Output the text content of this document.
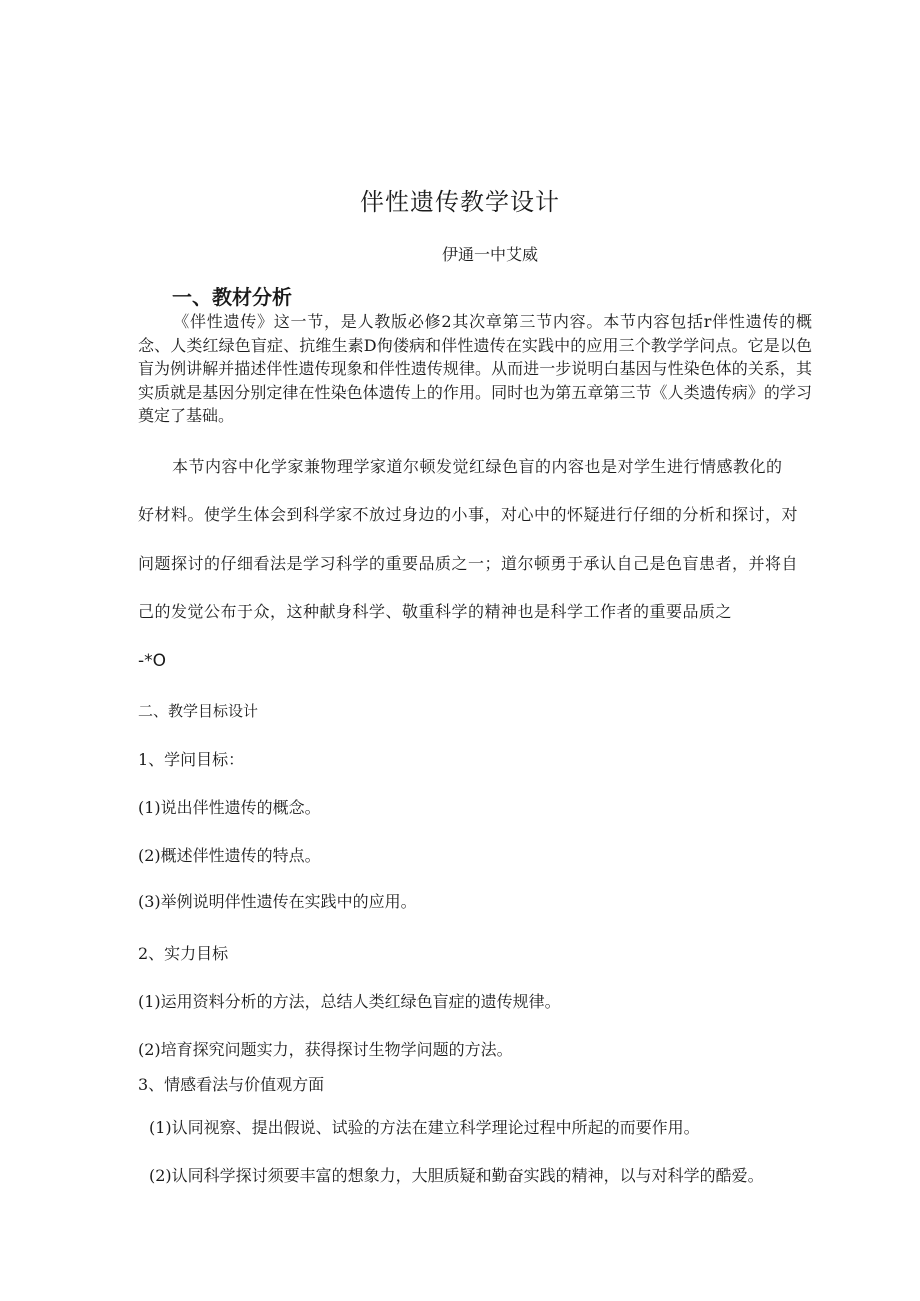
伴性遗传教学设计
伊通一中艾威
一、教材分析

《伴性遗传》这一节，是人教版必修2其次章第三节内容。本节内容包括r伴性遗传的概念、人类红绿色盲症、抗维生素D佝偻病和伴性遗传在实践中的应用三个教学学问点。它是以色盲为例讲解并描述伴性遗传现象和伴性遗传规律。从而进一步说明白基因与性染色体的关系，其实质就是基因分别定律在性染色体遗传上的作用。同时也为第五章第三节《人类遗传病》的学习奠定了基础。

本节内容中化学家兼物理学家道尔顿发觉红绿色盲的内容也是对学生进行情感教化的
好材料。使学生体会到科学家不放过身边的小事，对心中的怀疑进行仔细的分析和探讨，对
问题探讨的仔细看法是学习科学的重要品质之一；道尔顿勇于承认自己是色盲患者，并将自
己的发觉公布于众，这种献身科学、敬重科学的精神也是科学工作者的重要品质之
-*O
二、教学目标设计
1、学问目标：
(1)说出伴性遗传的概念。
(2)概述伴性遗传的特点。
(3)举例说明伴性遗传在实践中的应用。
2、实力目标
(1)运用资料分析的方法，总结人类红绿色盲症的遗传规律。
(2)培育探究问题实力，获得探讨生物学问题的方法。
3、情感看法与价值观方面
(1)认同视察、提出假说、试验的方法在建立科学理论过程中所起的而要作用。
(2)认同科学探讨须要丰富的想象力，大胆质疑和勤奋实践的精神，以与对科学的酷爱。
